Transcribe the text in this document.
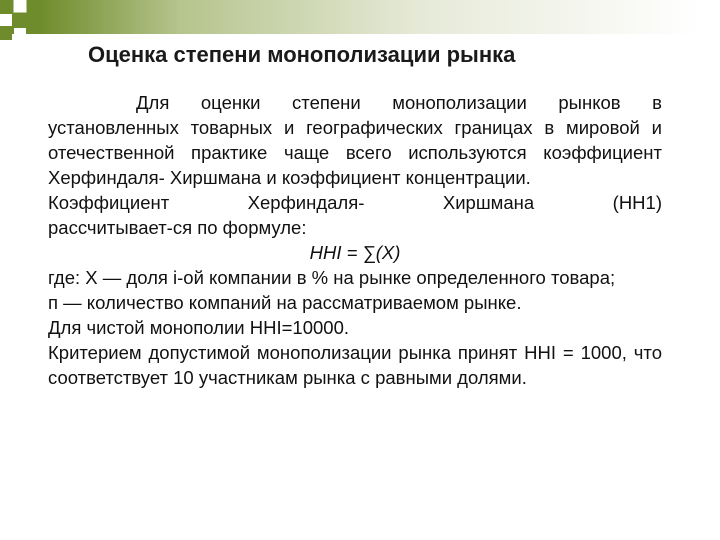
Оценка степени монополизации рынка

Для оценки степени монополизации рынков в установленных товарных и географических границах в мировой и отечественной практике чаще всего используются коэффициент Херфиндаля- Хиршмана и коэффициент концентрации.

Коэффициент Херфиндаля- Хиршмана (НН1)

рассчитывает-ся по формуле:

HHI = ∑(X)

где: Х — доля i-ой компании в % на рынке определенного товара;

п — количество компаний на рассматриваемом рынке.

Для чистой монополии ННI=10000.

Критерием допустимой монополизации рынка принят ННI = 1000, что соответствует 10 участникам рынка с равными долями.
